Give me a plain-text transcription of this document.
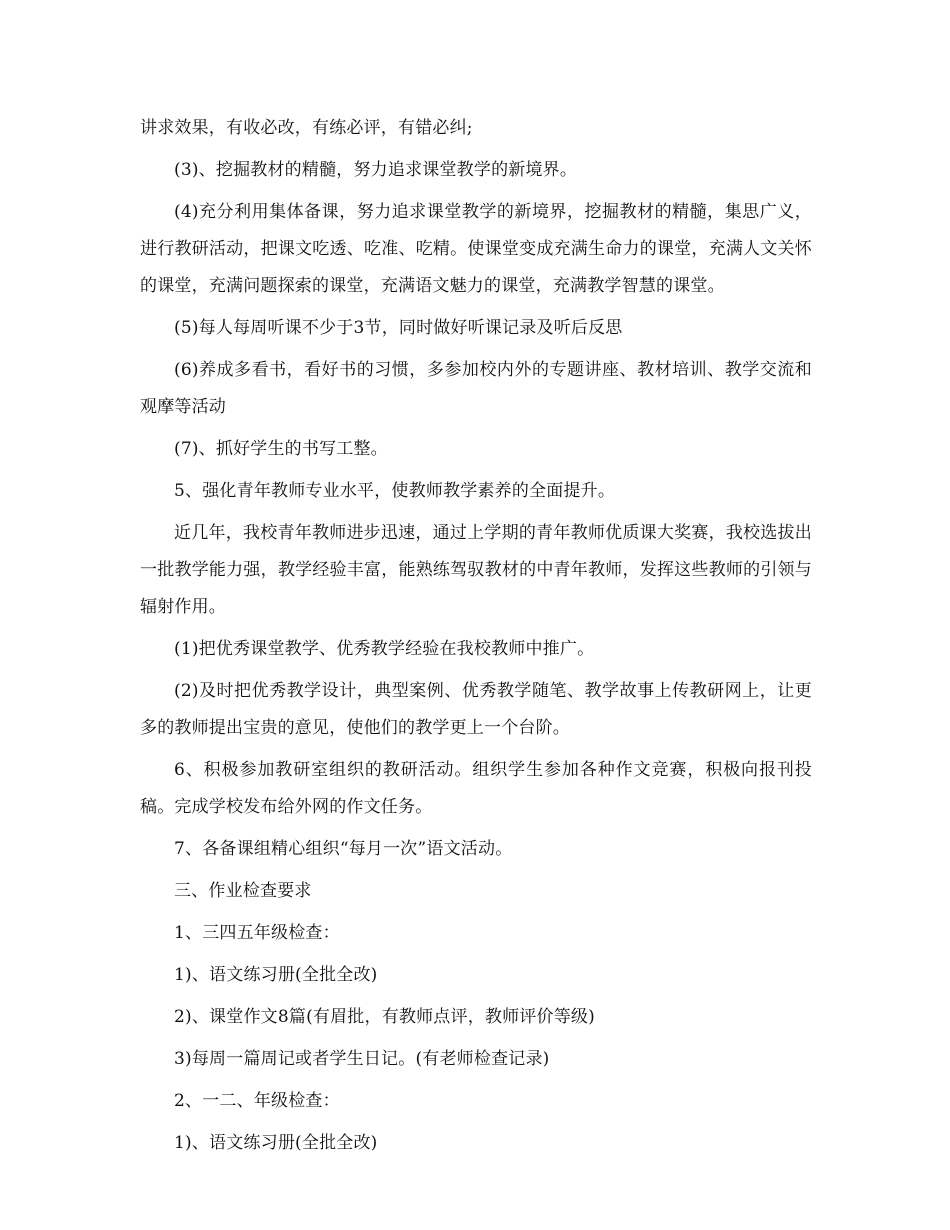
讲求效果，有收必改，有练必评，有错必纠;

(3)、挖掘教材的精髓，努力追求课堂教学的新境界。

(4)充分利用集体备课，努力追求课堂教学的新境界，挖掘教材的精髓，集思广义，进行教研活动，把课文吃透、吃准、吃精。使课堂变成充满生命力的课堂，充满人文关怀的课堂，充满问题探索的课堂，充满语文魅力的课堂，充满教学智慧的课堂。

(5)每人每周听课不少于3节，同时做好听课记录及听后反思

(6)养成多看书，看好书的习惯，多参加校内外的专题讲座、教材培训、教学交流和观摩等活动

(7)、抓好学生的书写工整。

5、强化青年教师专业水平，使教师教学素养的全面提升。

近几年，我校青年教师进步迅速，通过上学期的青年教师优质课大奖赛，我校选拔出一批教学能力强，教学经验丰富，能熟练驾驭教材的中青年教师，发挥这些教师的引领与辐射作用。

(1)把优秀课堂教学、优秀教学经验在我校教师中推广。

(2)及时把优秀教学设计，典型案例、优秀教学随笔、教学故事上传教研网上，让更多的教师提出宝贵的意见，使他们的教学更上一个台阶。

6、积极参加教研室组织的教研活动。组织学生参加各种作文竞赛，积极向报刊投稿。完成学校发布给外网的作文任务。

7、各备课组精心组织“每月一次”语文活动。

三、作业检查要求

1、三四五年级检查：

1)、语文练习册(全批全改)

2)、课堂作文8篇(有眉批，有教师点评，教师评价等级)

3)每周一篇周记或者学生日记。(有老师检查记录)

2、一二、年级检查：

1)、语文练习册(全批全改)
